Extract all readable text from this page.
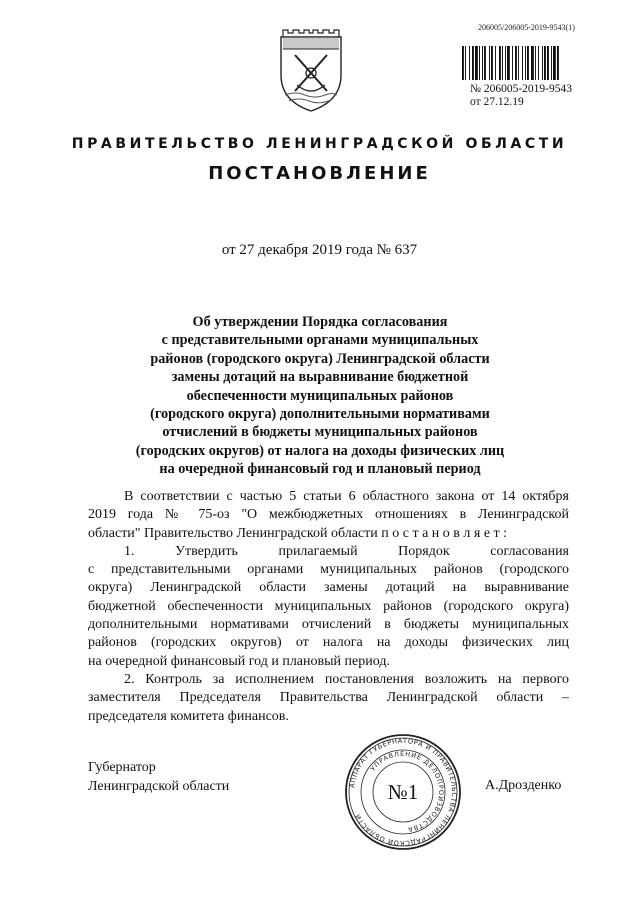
206005/206005-2019-9543(1)
№ 206005-2019-9543
от 27.12.19
ПРАВИТЕЛЬСТВО ЛЕНИНГРАДСКОЙ ОБЛАСТИ
ПОСТАНОВЛЕНИЕ
от 27 декабря 2019 года № 637
Об утверждении Порядка согласования
с представительными органами муниципальных
районов (городского округа) Ленинградской области
замены дотаций на выравнивание бюджетной
обеспеченности муниципальных районов
(городского округа) дополнительными нормативами
отчислений в бюджеты муниципальных районов
(городских округов) от налога на доходы физических лиц
на очередной финансовый год и плановый период
В соответствии с частью 5 статьи 6 областного закона от 14 октября
2019 года № 75-оз "О межбюджетных отношениях в Ленинградской
области" Правительство Ленинградской области п о с т а н о в л я е т :
1. Утвердить прилагаемый Порядок согласования
с представительными органами муниципальных районов (городского
округа) Ленинградской области замены дотаций на выравнивание
бюджетной обеспеченности муниципальных районов (городского округа)
дополнительными нормативами отчислений в бюджеты муниципальных
районов (городских округов) от налога на доходы физических лиц
на очередной финансовый год и плановый период.
2. Контроль за исполнением постановления возложить на первого
заместителя Председателя Правительства Ленинградской области –
председателя комитета финансов.
Губернатор
Ленинградской области	А.Дрозденко
АППАРАТ ГУБЕРНАТОРА И ПРАВИТЕЛЬСТВА ЛЕНИНГРАДСКОЙ ОБЛАСТИ
УПРАВЛЕНИЕ ДЕЛОПРОИЗВОДСТВА
№1
